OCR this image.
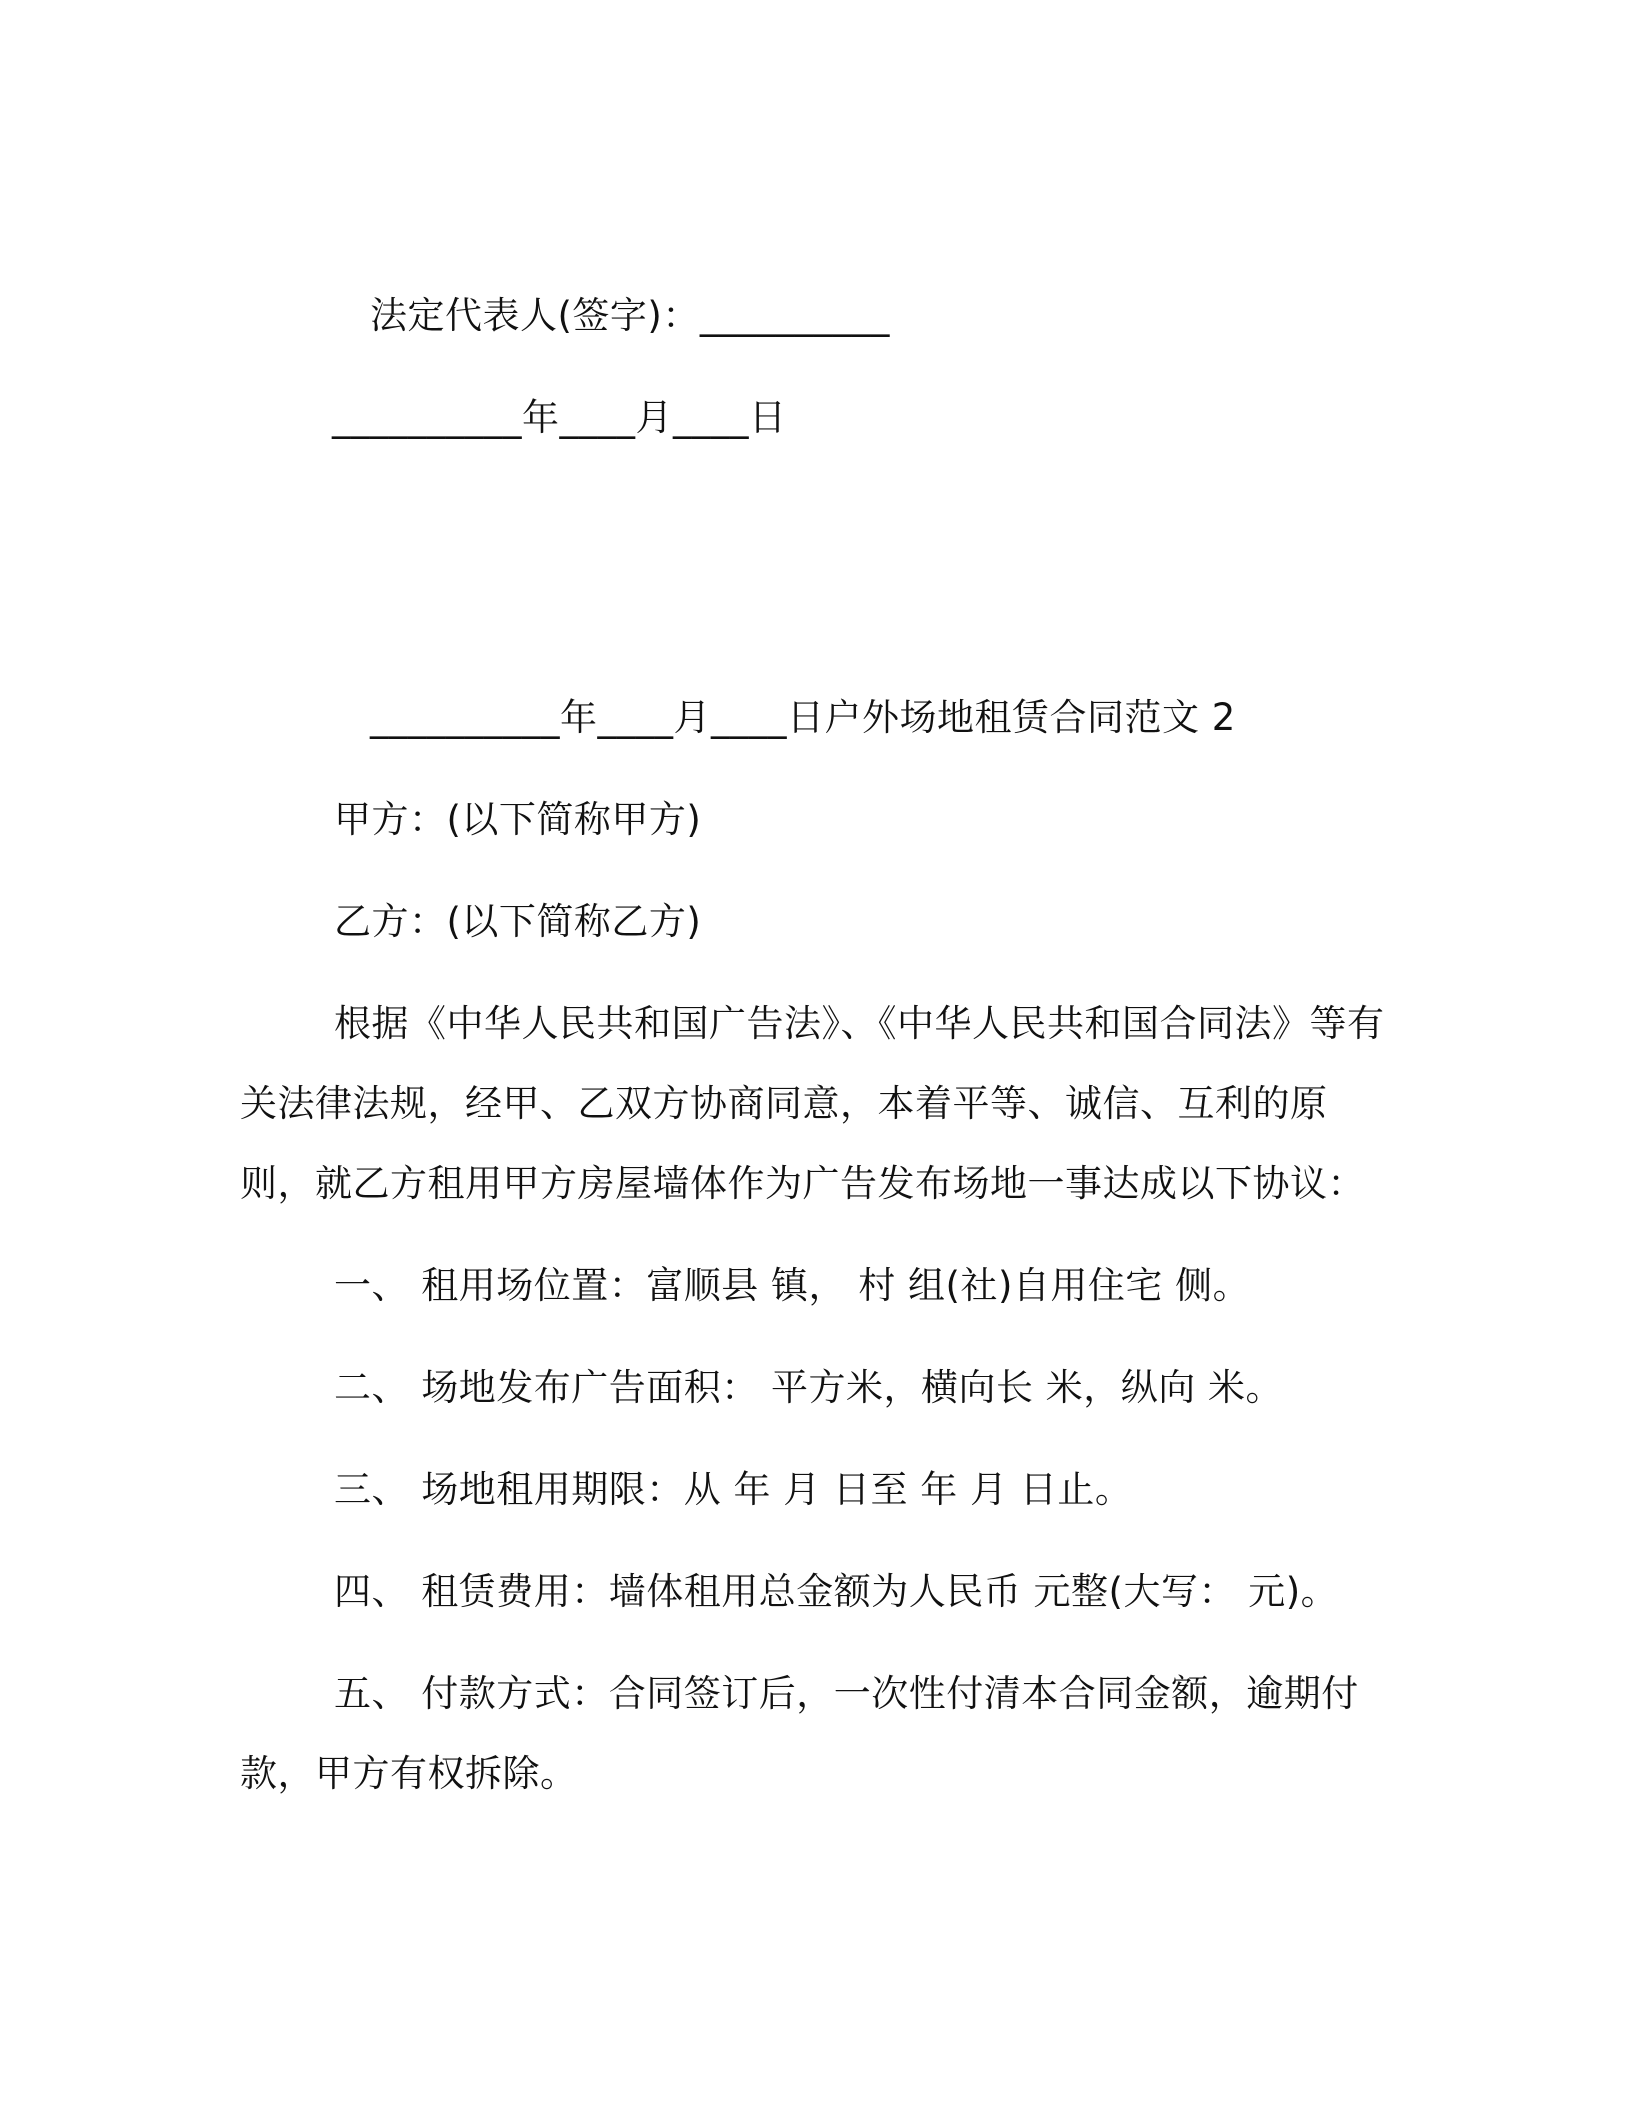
法定代表人(签字)：__________
__________年____月____日
__________年____月____日户外场地租赁合同范文 2
甲方：(以下简称甲方)
乙方：(以下简称乙方)
根据《中华人民共和国广告法》、《中华人民共和国合同法》等有关法律法规，经甲、乙双方协商同意，本着平等、诚信、互利的原则，就乙方租用甲方房屋墙体作为广告发布场地一事达成以下协议：
一、 租用场位置：富顺县 镇， 村 组(社)自用住宅 侧。
二、 场地发布广告面积： 平方米，横向长 米，纵向 米。
三、 场地租用期限：从 年 月 日至 年 月 日止。
四、 租赁费用：墙体租用总金额为人民币 元整(大写： 元)。
五、 付款方式：合同签订后，一次性付清本合同金额，逾期付款，甲方有权拆除。
